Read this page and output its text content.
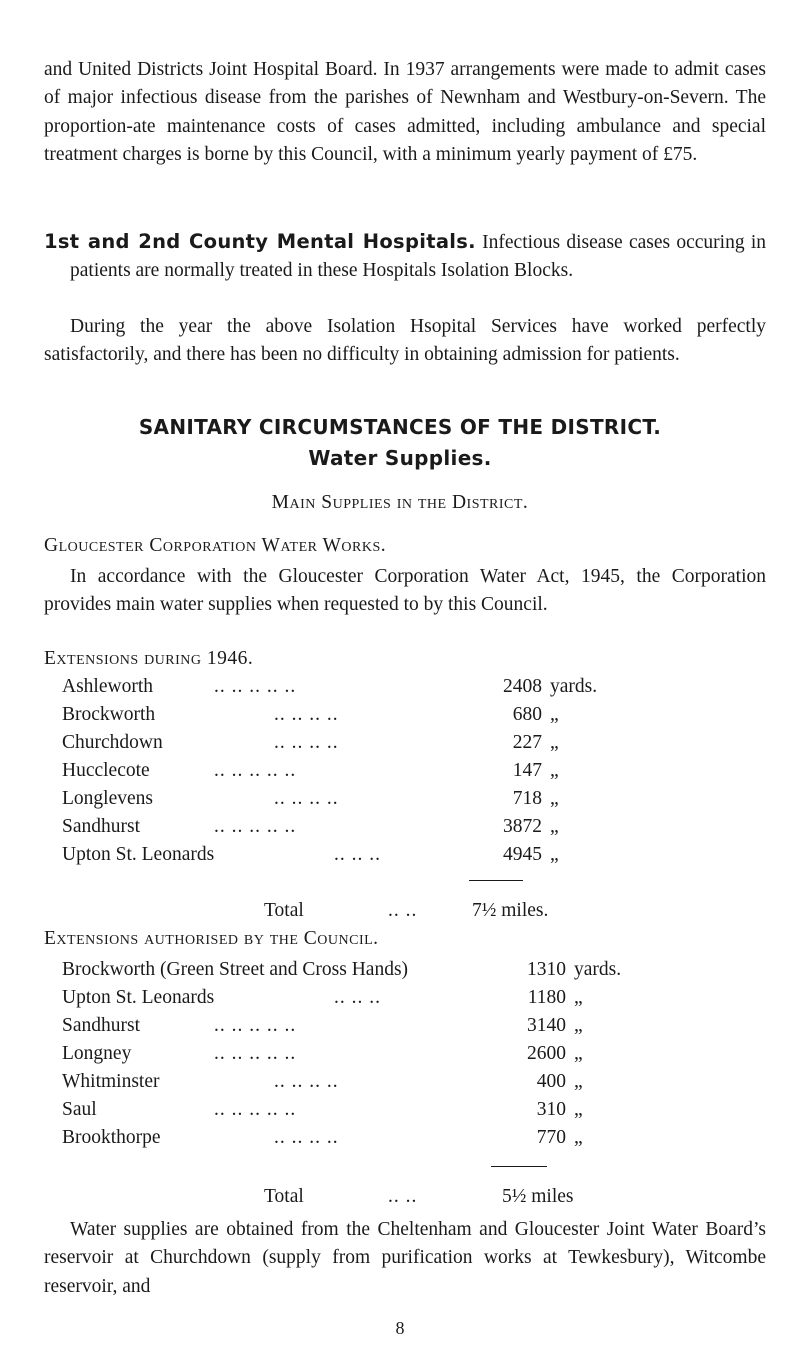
and United Districts Joint Hospital Board. In 1937 arrangements were made to admit cases of major infectious disease from the parishes of Newnham and Westbury-on-Severn. The proportion-ate maintenance costs of cases admitted, including ambulance and special treatment charges is borne by this Council, with a minimum yearly payment of £75.

1st and 2nd County Mental Hospitals. Infectious disease cases occuring in patients are normally treated in these Hospitals Isolation Blocks.

During the year the above Isolation Hsopital Services have worked perfectly satisfactorily, and there has been no difficulty in obtaining admission for patients.

SANITARY CIRCUMSTANCES OF THE DISTRICT.
Water Supplies.
Main Supplies in the District.
Gloucester Corporation Water Works.

In accordance with the Gloucester Corporation Water Act, 1945, the Corporation provides main water supplies when requested to by this Council.

Extensions during 1946.
Ashleworth	.. .. .. .. ..	2408 yards.
Brockworth	.. .. .. ..	680 „
Churchdown	.. .. .. ..	227 „
Hucclecote	.. .. .. .. ..	147 „
Longlevens	.. .. .. ..	718 „
Sandhurst	.. .. .. .. ..	3872 „
Upton St. Leonards	.. .. ..	4945 „
Total	.. ..	7½ miles.
Extensions authorised by the Council.
Brockworth (Green Street and Cross Hands)	1310 yards.
Upton St. Leonards	.. .. ..	1180 „
Sandhurst	.. .. .. .. ..	3140 „
Longney	.. .. .. .. ..	2600 „
Whitminster	.. .. .. ..	400 „
Saul	.. .. .. .. ..	310 „
Brookthorpe	.. .. .. ..	770 „
Total	.. ..	5½ miles

Water supplies are obtained from the Cheltenham and Gloucester Joint Water Board’s reservoir at Churchdown (supply from purification works at Tewkesbury), Witcombe reservoir, and

8
